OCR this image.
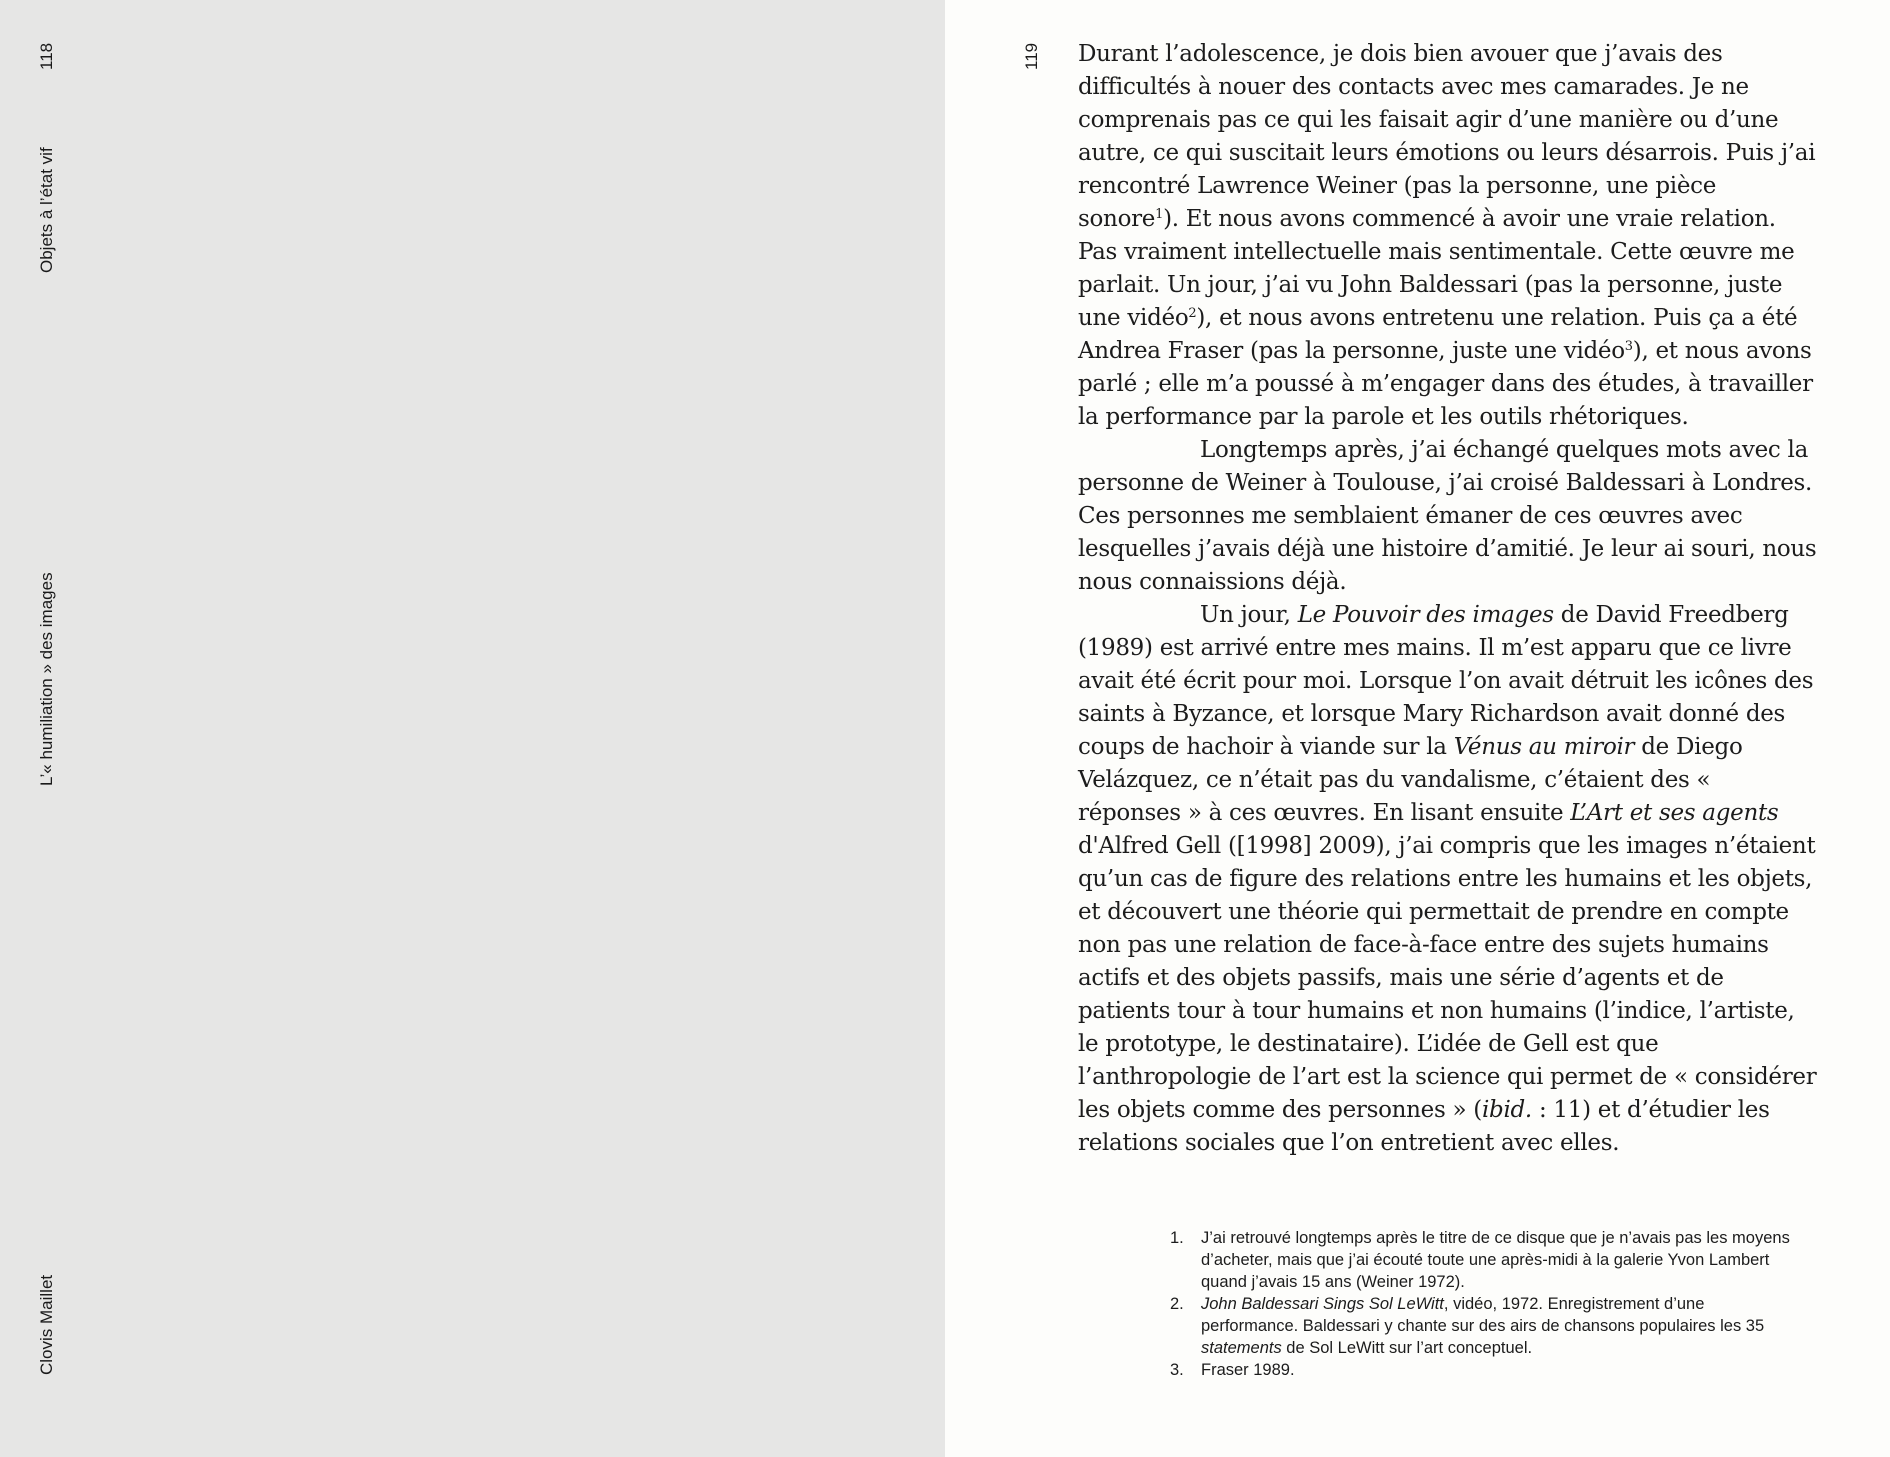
118
Objets à l’état vif
L’« humiliation » des images
Clovis Maillet
119 Durant l’adolescence, je dois bien avouer que j’avais des difficultés à nouer des contacts avec mes camarades. Je ne comprenais pas ce qui les faisait agir d’une manière ou d’une autre, ce qui suscitait leurs émotions ou leurs désarrois. Puis j’ai rencontré Lawrence Weiner (pas la personne, une pièce sonore$^1$). Et nous avons commencé à avoir une vraie relation. Pas vraiment intellectuelle mais sentimentale. Cette œuvre me parlait. Un jour, j’ai vu John Baldessari (pas la personne, juste une vidéo$^2$), et nous avons entretenu une relation. Puis ça a été Andrea Fraser (pas la personne, juste une vidéo$^3$), et nous avons parlé ; elle m’a poussé à m’engager dans des études, à travailler la performance par la parole et les outils rhétoriques.

Longtemps après, j’ai échangé quelques mots avec la personne de Weiner à Toulouse, j’ai croisé Baldessari à Londres. Ces personnes me semblaient émaner de ces œuvres avec lesquelles j’avais déjà une histoire d’amitié. Je leur ai souri, nous nous connaissions déjà.

Un jour, Le Pouvoir des images de David Freedberg (1989) est arrivé entre mes mains. Il m’est apparu que ce livre avait été écrit pour moi. Lorsque l’on avait détruit les icônes des saints à Byzance, et lorsque Mary Richardson avait donné des coups de hachoir à viande sur la Vénus au miroir de Diego Velázquez, ce n’était pas du vandalisme, c’étaient des « réponses » à ces œuvres. En lisant ensuite L’Art et ses agents d'Alfred Gell ([1998] 2009), j’ai compris que les images n’étaient qu’un cas de figure des relations entre les humains et les objets, et découvert une théorie qui permettait de prendre en compte non pas une relation de face-à-face entre des sujets humains actifs et des objets passifs, mais une série d’agents et de patients tour à tour humains et non humains (l’indice, l’artiste, le prototype, le destinataire). L’idée de Gell est que l’anthropologie de l’art est la science qui permet de « considérer les objets comme des personnes » (ibid. : 11) et d’étudier les relations sociales que l’on entretient avec elles.

1. J’ai retrouvé longtemps après le titre de ce disque que je n’avais pas les moyens d’acheter, mais que j’ai écouté toute une après-midi à la galerie Yvon Lambert quand j’avais 15 ans (Weiner 1972).
2. John Baldessari Sings Sol LeWitt, vidéo, 1972. Enregistrement d’une performance. Baldessari y chante sur des airs de chansons populaires les 35 statements de Sol LeWitt sur l’art conceptuel.
3. Fraser 1989.
